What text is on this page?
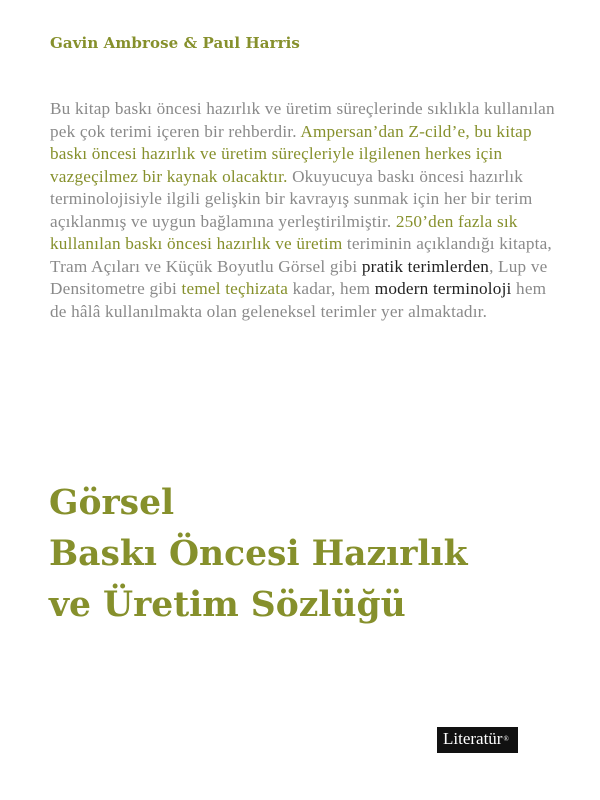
Gavin Ambrose & Paul Harris
Bu kitap baskı öncesi hazırlık ve üretim süreçlerinde sıklıkla kullanılan pek çok terimi içeren bir rehberdir. Ampersan’dan Z-cild’e, bu kitap baskı öncesi hazırlık ve üretim süreçleriyle ilgilenen herkes için vazgeçilmez bir kaynak olacaktır. Okuyucuya baskı öncesi hazırlık terminolojisiyle ilgili gelişkin bir kavrayış sunmak için her bir terim açıklanmış ve uygun bağlamına yerleştirilmiştir. 250’den fazla sık kullanılan baskı öncesi hazırlık ve üretim teriminin açıklandığı kitapta, Tram Açıları ve Küçük Boyutlu Görsel gibi pratik terimlerden, Lup ve Densitometre gibi temel teçhizata kadar, hem modern terminoloji hem de hâlâ kullanılmakta olan geleneksel terimler yer almaktadır.
Görsel
Baskı Öncesi Hazırlık
ve Üretim Sözlüğü
Literatür®
